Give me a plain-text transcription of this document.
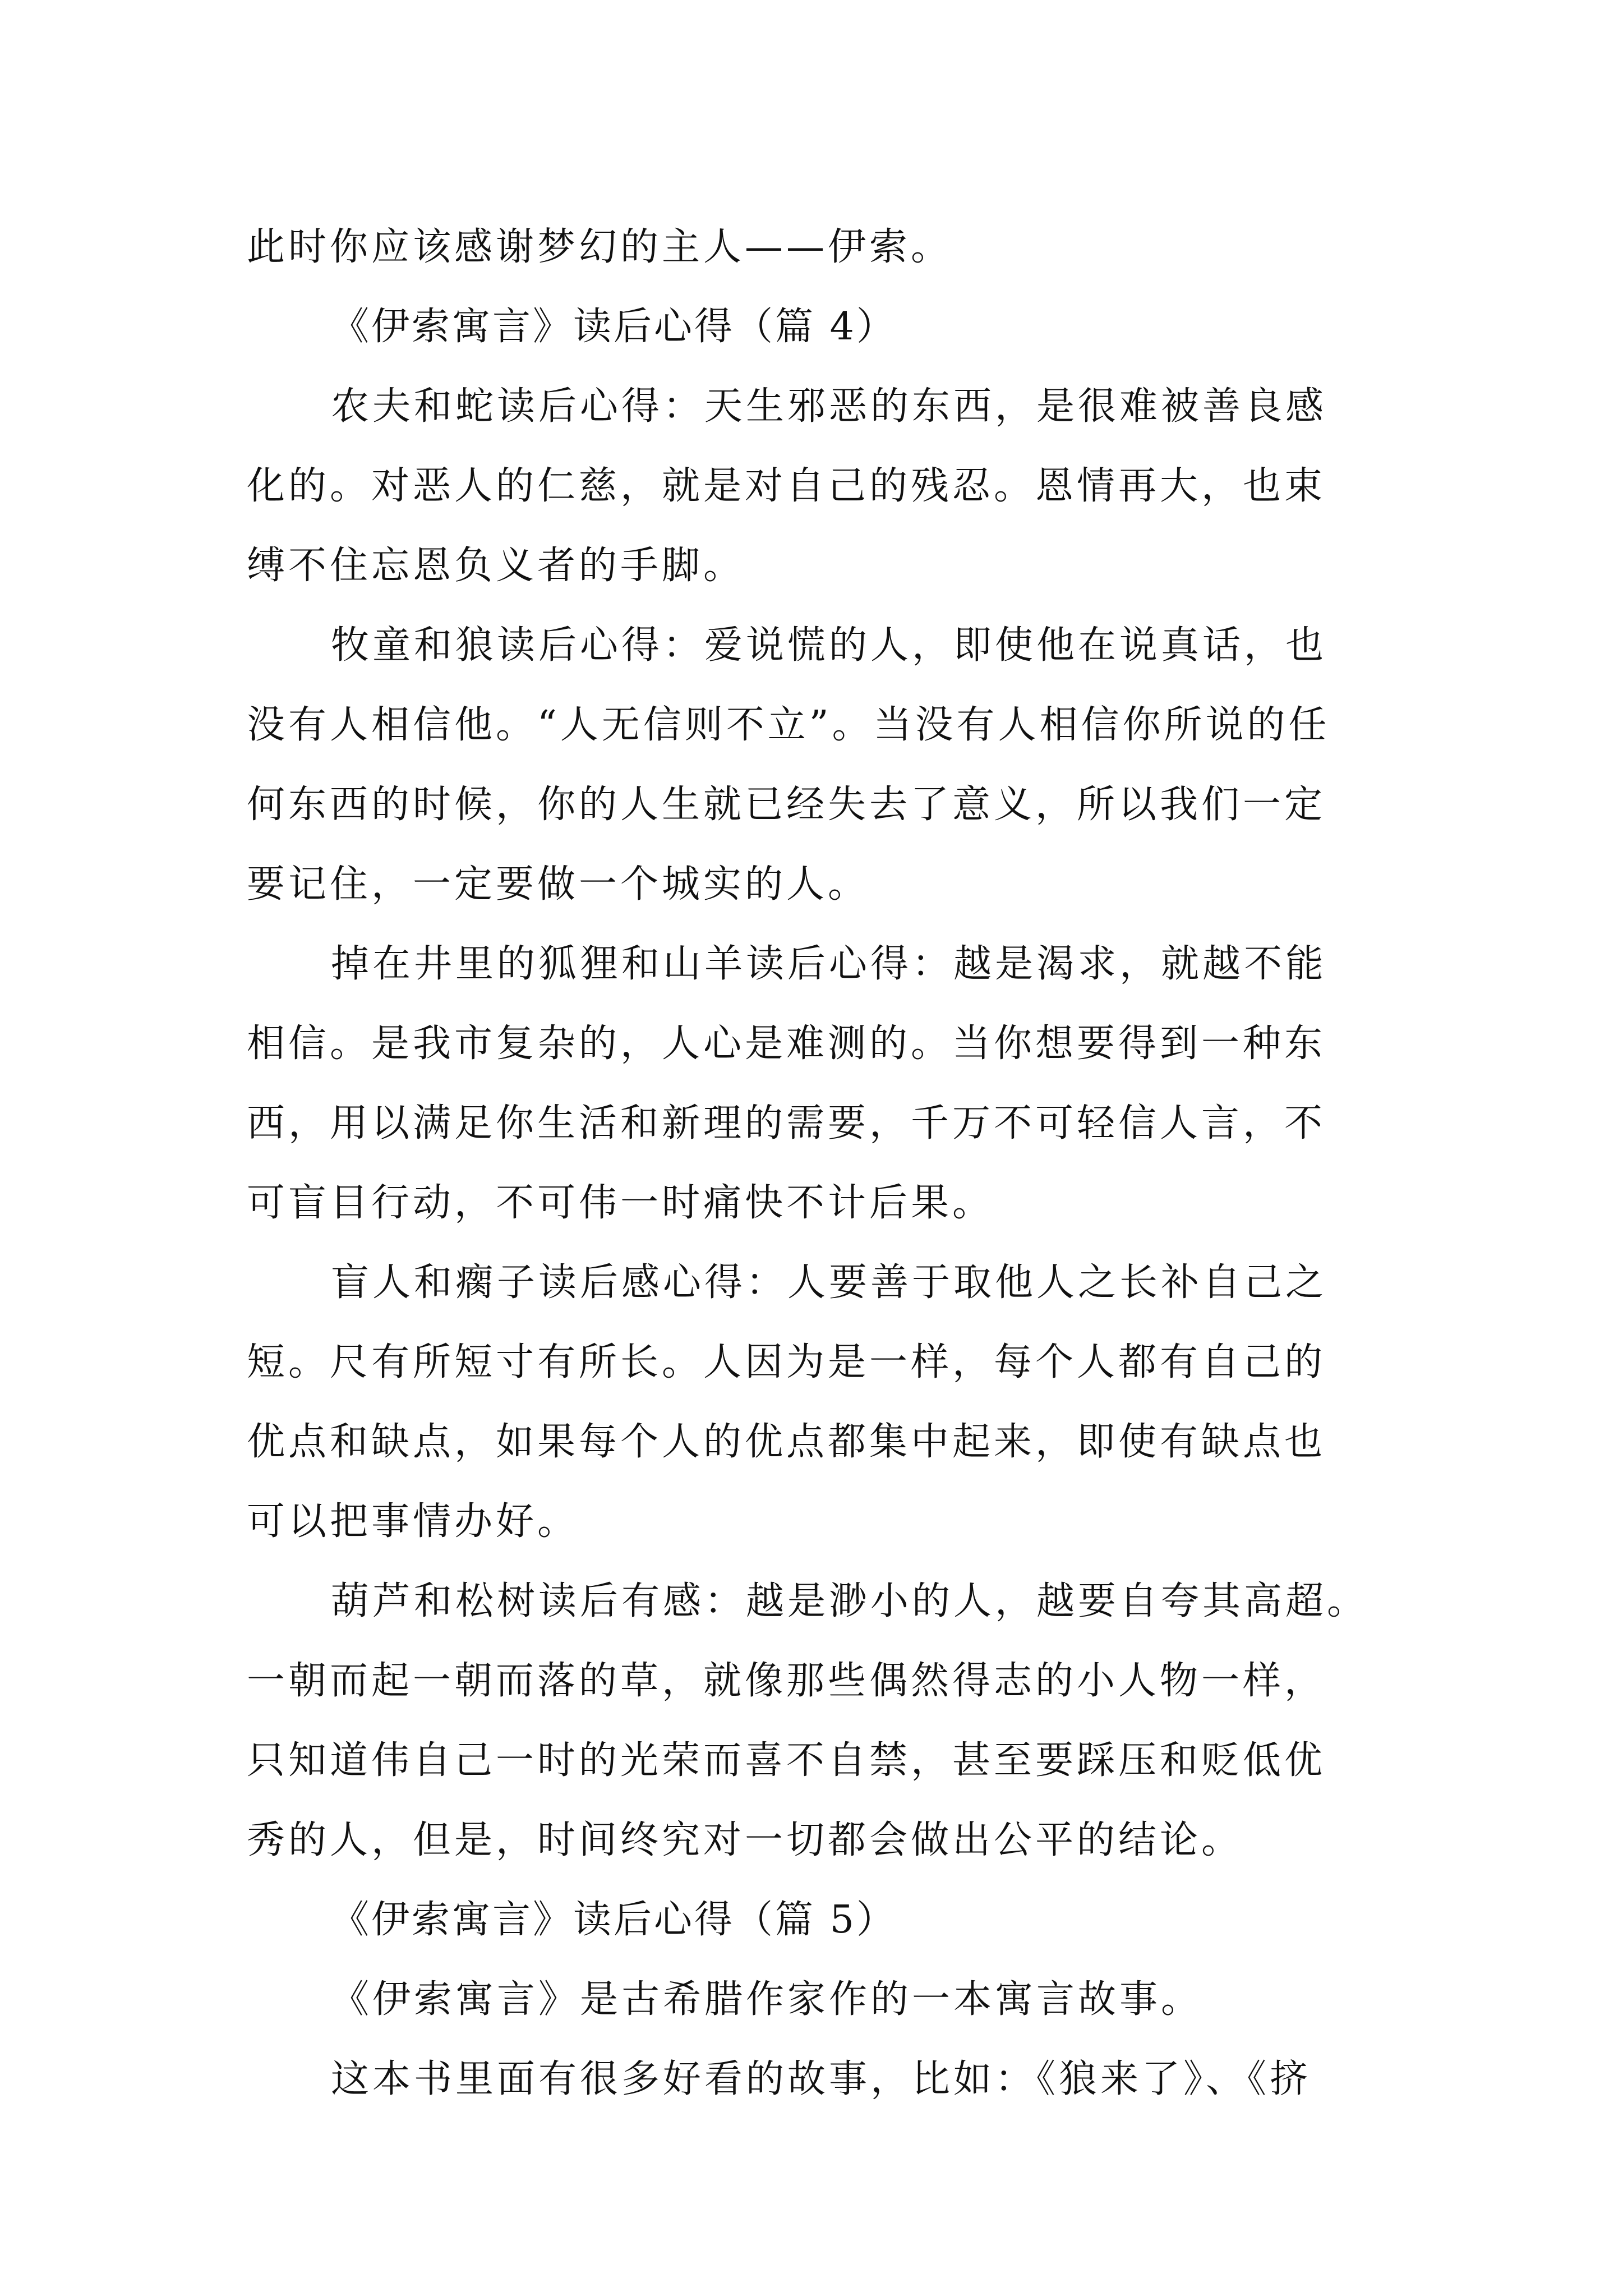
此时你应该感谢梦幻的主人——伊索。
《伊索寓言》读后心得（篇 4）
农夫和蛇读后心得：天生邪恶的东西，是很难被善良感
化的。对恶人的仁慈，就是对自己的残忍。恩情再大，也束
缚不住忘恩负义者的手脚。
牧童和狼读后心得：爱说慌的人，即使他在说真话，也
没有人相信他。“人无信则不立”。当没有人相信你所说的任
何东西的时候，你的人生就已经失去了意义，所以我们一定
要记住，一定要做一个城实的人。
掉在井里的狐狸和山羊读后心得：越是渴求，就越不能
相信。是我市复杂的，人心是难测的。当你想要得到一种东
西，用以满足你生活和新理的需要，千万不可轻信人言，不
可盲目行动，不可伟一时痛快不计后果。
盲人和瘸子读后感心得：人要善于取他人之长补自己之
短。尺有所短寸有所长。人因为是一样，每个人都有自己的
优点和缺点，如果每个人的优点都集中起来，即使有缺点也
可以把事情办好。
葫芦和松树读后有感：越是渺小的人，越要自夸其高超。
一朝而起一朝而落的草，就像那些偶然得志的小人物一样，
只知道伟自己一时的光荣而喜不自禁，甚至要踩压和贬低优
秀的人，但是，时间终究对一切都会做出公平的结论。
《伊索寓言》读后心得（篇 5）
《伊索寓言》是古希腊作家作的一本寓言故事。
这本书里面有很多好看的故事，比如：《狼来了》、《挤
